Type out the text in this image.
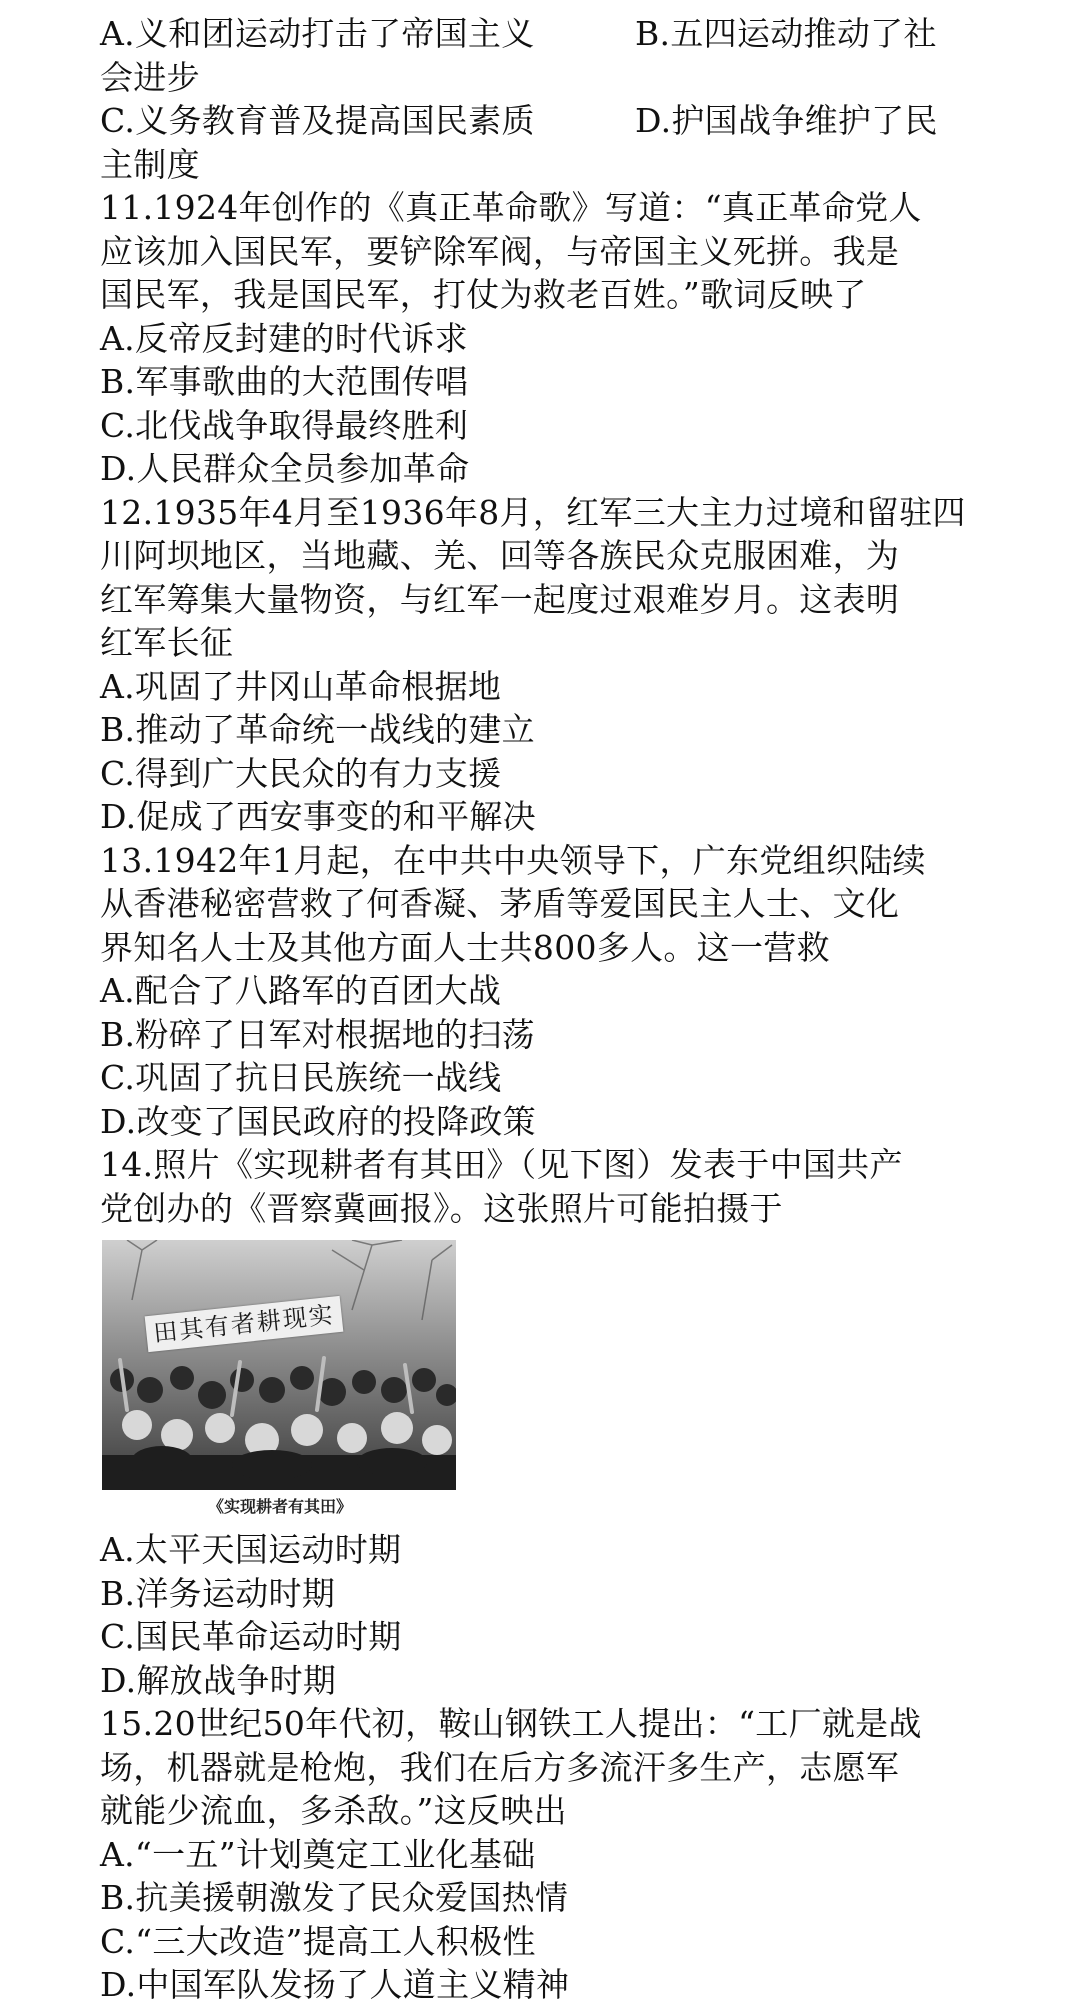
A.义和团运动打击了帝国主义	B.五四运动推动了社
会进步
C.义务教育普及提高国民素质	D.护国战争维护了民
主制度
11.1924年创作的《真正革命歌》写道：“真正革命党人
应该加入国民军，要铲除军阀，与帝国主义死拼。我是
国民军，我是国民军，打仗为救老百姓。”歌词反映了
A.反帝反封建的时代诉求
B.军事歌曲的大范围传唱
C.北伐战争取得最终胜利
D.人民群众全员参加革命
12.1935年4月至1936年8月，红军三大主力过境和留驻四
川阿坝地区，当地藏、羌、回等各族民众克服困难，为
红军筹集大量物资，与红军一起度过艰难岁月。这表明
红军长征
A.巩固了井冈山革命根据地
B.推动了革命统一战线的建立
C.得到广大民众的有力支援
D.促成了西安事变的和平解决
13.1942年1月起，在中共中央领导下，广东党组织陆续
从香港秘密营救了何香凝、茅盾等爱国民主人士、文化
界知名人士及其他方面人士共800多人。这一营救
A.配合了八路军的百团大战
B.粉碎了日军对根据地的扫荡
C.巩固了抗日民族统一战线
D.改变了国民政府的投降政策
14.照片《实现耕者有其田》（见下图）发表于中国共产
党创办的《晋察冀画报》。这张照片可能拍摄于
田其有者耕现实
《实现耕者有其田》
A.太平天国运动时期
B.洋务运动时期
C.国民革命运动时期
D.解放战争时期
15.20世纪50年代初，鞍山钢铁工人提出：“工厂就是战
场，机器就是枪炮，我们在后方多流汗多生产，志愿军
就能少流血，多杀敌。”这反映出
A.“一五”计划奠定工业化基础
B.抗美援朝激发了民众爱国热情
C.“三大改造”提高工人积极性
D.中国军队发扬了人道主义精神
